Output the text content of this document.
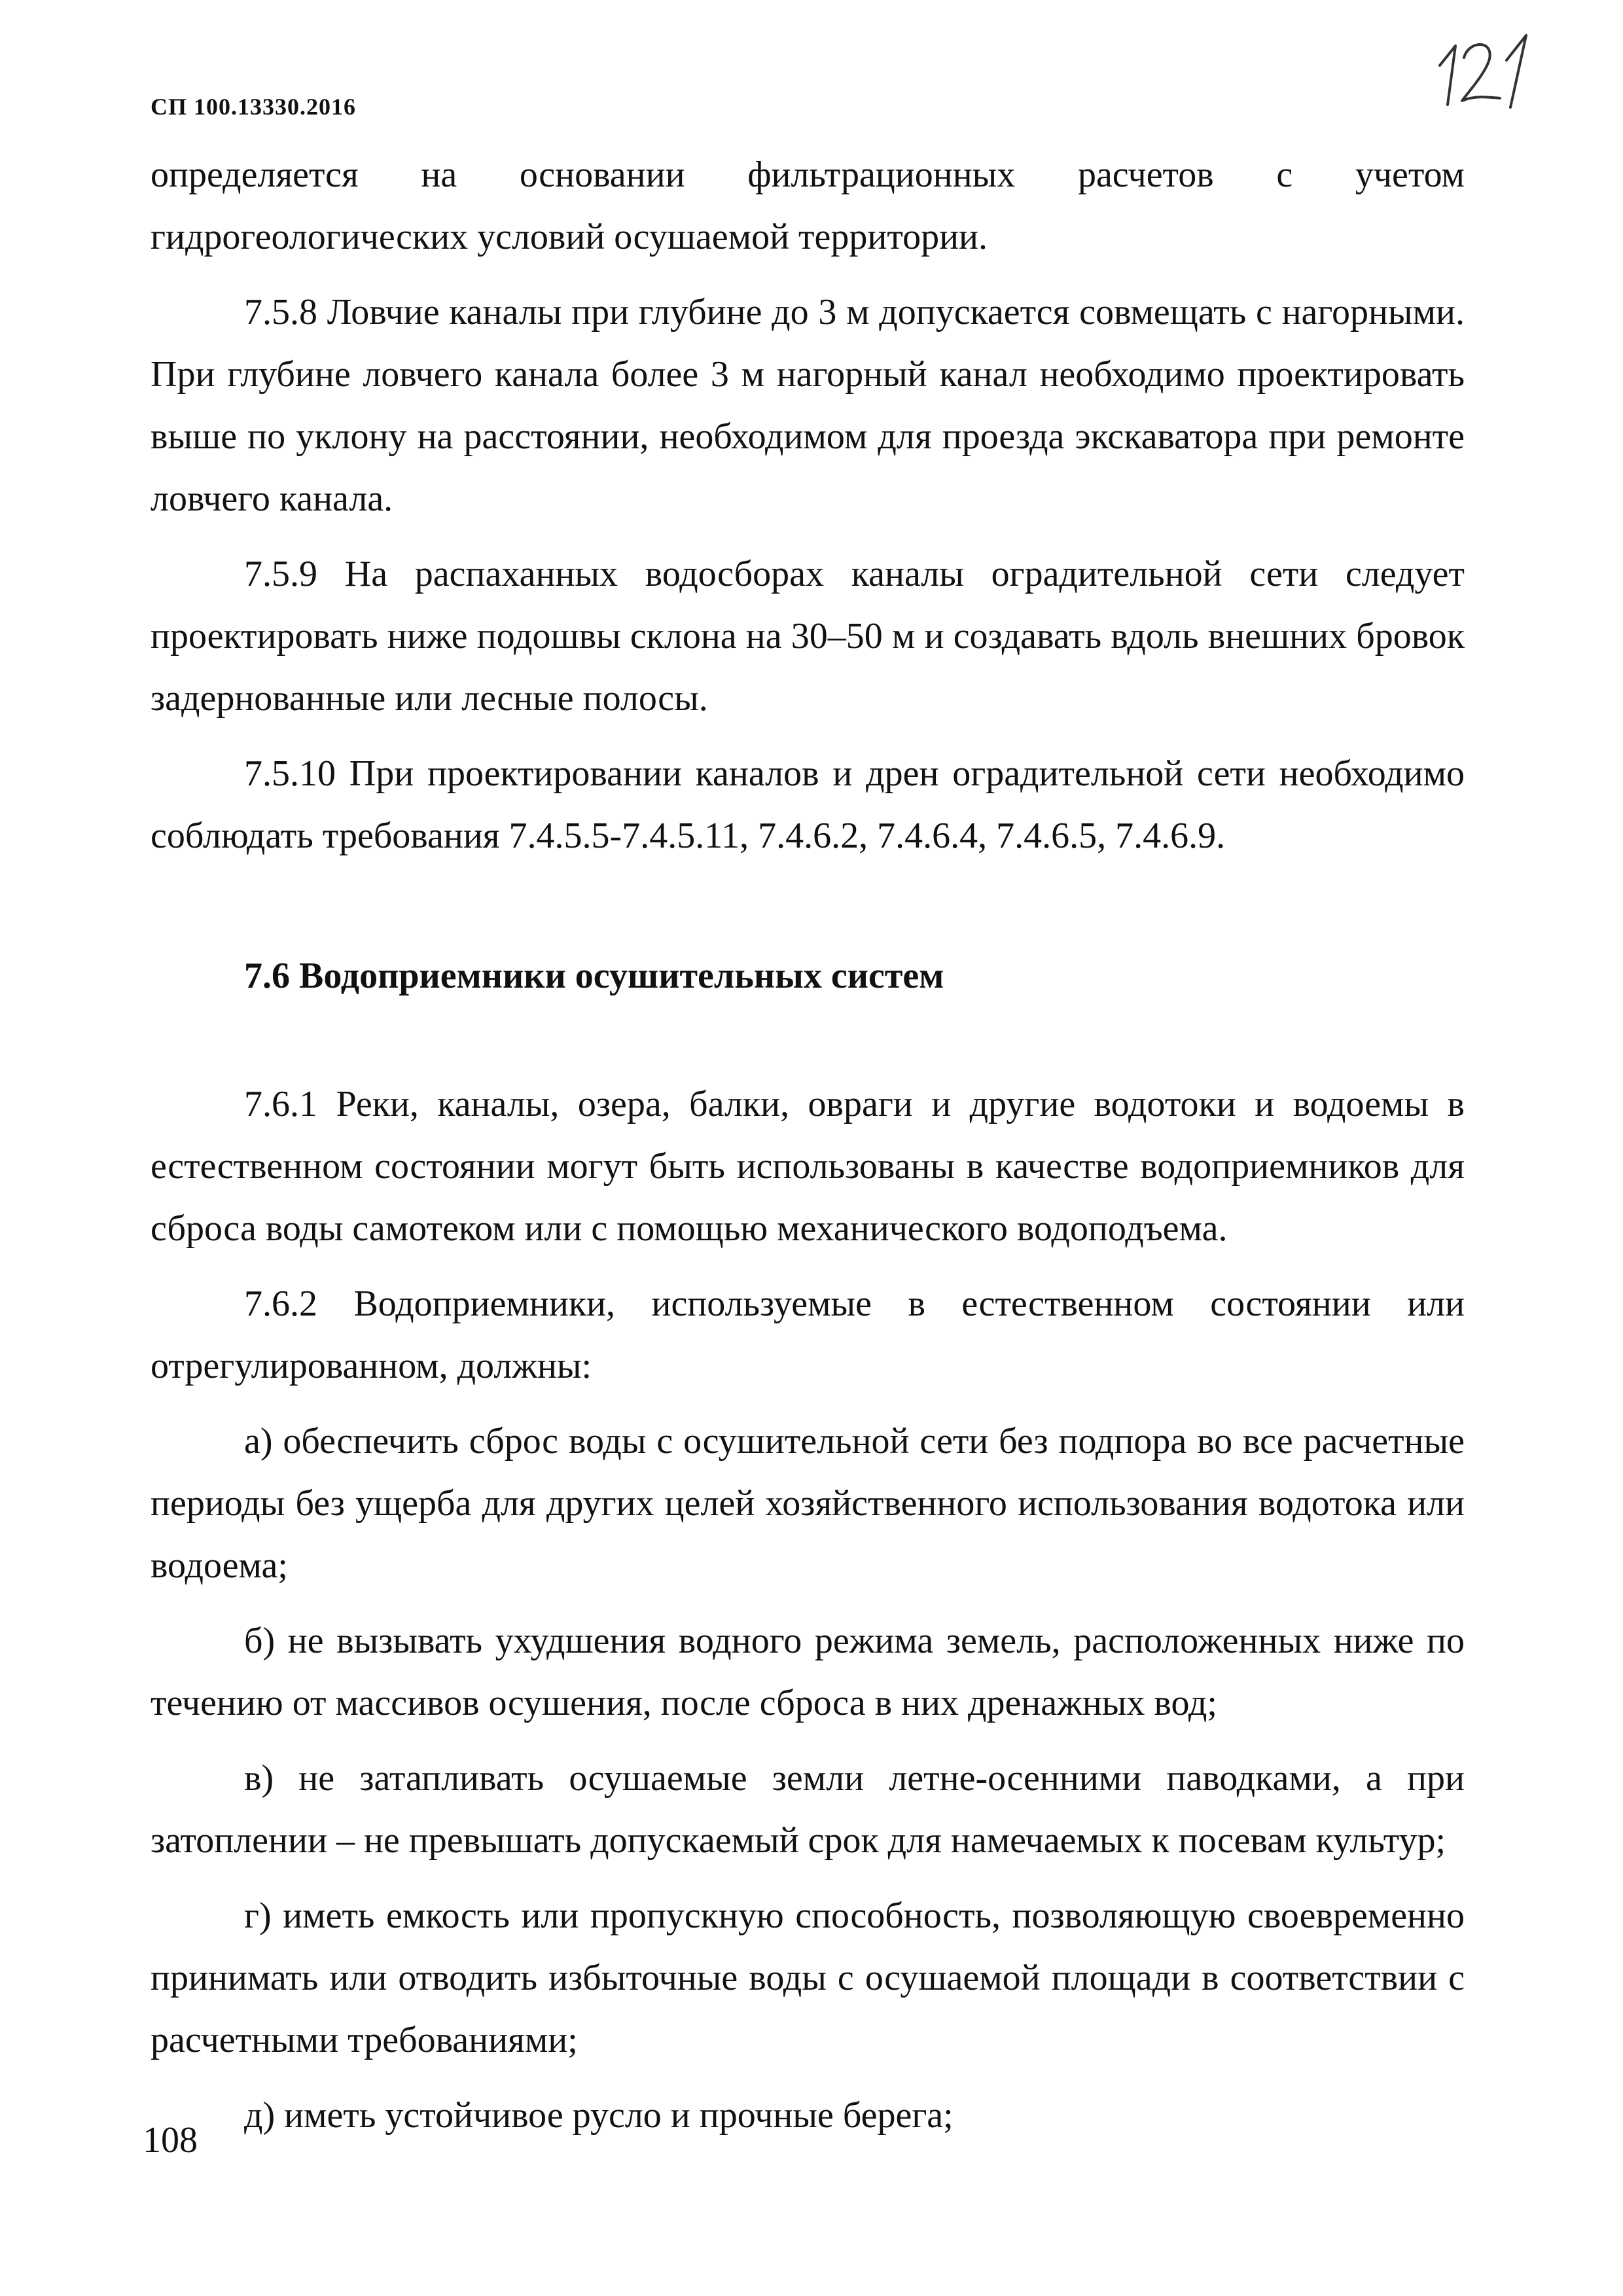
СП 100.13330.2016

определяется на основании фильтрационных расчетов с учетом гидрогеологических условий осушаемой территории.

7.5.8 Ловчие каналы при глубине до 3 м допускается совмещать с нагорными. При глубине ловчего канала более 3 м нагорный канал необходимо проектировать выше по уклону на расстоянии, необходимом для проезда экскаватора при ремонте ловчего канала.

7.5.9 На распаханных водосборах каналы оградительной сети следует проектировать ниже подошвы склона на 30–50 м и создавать вдоль внешних бровок задернованные или лесные полосы.

7.5.10 При проектировании каналов и дрен оградительной сети необходимо соблюдать требования 7.4.5.5-7.4.5.11, 7.4.6.2, 7.4.6.4, 7.4.6.5, 7.4.6.9.

7.6 Водоприемники осушительных систем

7.6.1 Реки, каналы, озера, балки, овраги и другие водотоки и водоемы в естественном состоянии могут быть использованы в качестве водоприемников для сброса воды самотеком или с помощью механического водоподъема.

7.6.2 Водоприемники, используемые в естественном состоянии или отрегулированном, должны:

а) обеспечить сброс воды с осушительной сети без подпора во все расчетные периоды без ущерба для других целей хозяйственного использования водотока или водоема;

б) не вызывать ухудшения водного режима земель, расположенных ниже по течению от массивов осушения, после сброса в них дренажных вод;

в) не затапливать осушаемые земли летне-осенними паводками, а при затоплении – не превышать допускаемый срок для намечаемых к посевам культур;

г) иметь емкость или пропускную способность, позволяющую своевременно принимать или отводить избыточные воды с осушаемой площади в соответствии с расчетными требованиями;

д) иметь устойчивое русло и прочные берега;

108
